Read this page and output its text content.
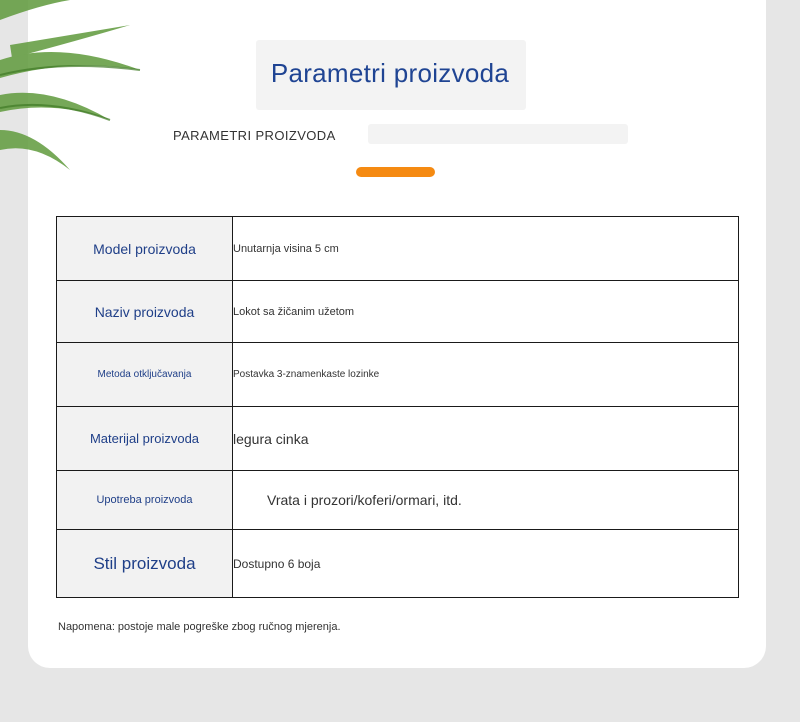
Parametri proizvoda
PARAMETRI PROIZVODA
Model proizvoda	Unutarnja visina 5 cm
Naziv proizvoda	Lokot sa žičanim užetom
Metoda otključavanja	Postavka 3-znamenkaste lozinke
Materijal proizvoda	legura cinka
Upotreba proizvoda	Vrata i prozori/koferi/ormari, itd.
Stil proizvoda	Dostupno 6 boja
Napomena: postoje male pogreške zbog ručnog mjerenja.
